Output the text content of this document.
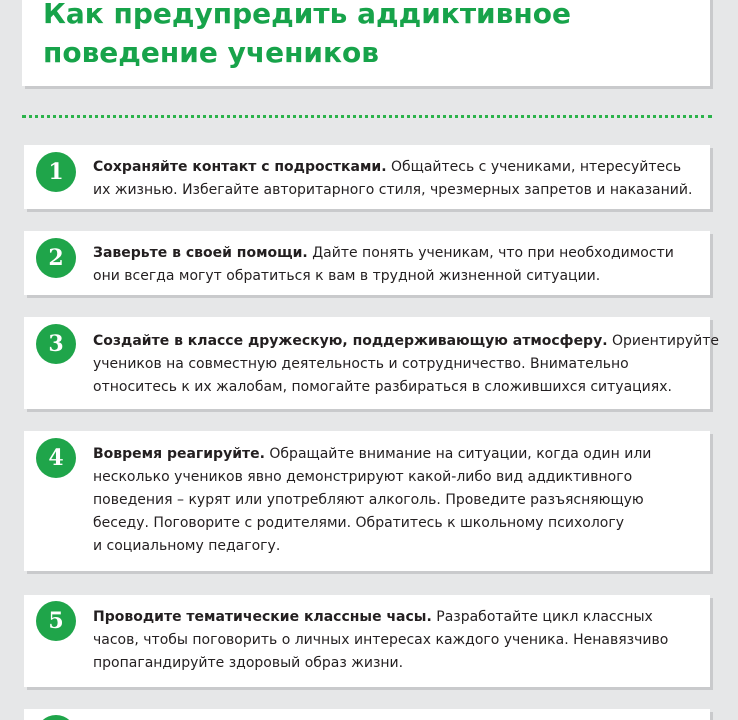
Как предупредить аддиктивное
поведение учеников
1	Сохраняйте контакт с подростками. Общайтесь с учениками, нтересуйтесь
их жизнью. Избегайте авторитарного стиля, чрезмерных запретов и наказаний.
2	Заверьте в своей помощи. Дайте понять ученикам, что при необходимости
они всегда могут обратиться к вам в трудной жизненной ситуации.
3	Создайте в классе дружескую, поддерживающую атмосферу. Ориентируйте
учеников на совместную деятельность и сотрудничество. Внимательно
относитесь к их жалобам, помогайте разбираться в сложившихся ситуациях.
4	Вовремя реагируйте. Обращайте внимание на ситуации, когда один или
несколько учеников явно демонстрируют какой-либо вид аддиктивного
поведения – курят или употребляют алкоголь. Проведите разъясняющую
беседу. Поговорите с родителями. Обратитесь к школьному психологу
и социальному педагогу.
5	Проводите тематические классные часы. Разработайте цикл классных
часов, чтобы поговорить о личных интересах каждого ученика. Ненавязчиво
пропагандируйте здоровый образ жизни.
